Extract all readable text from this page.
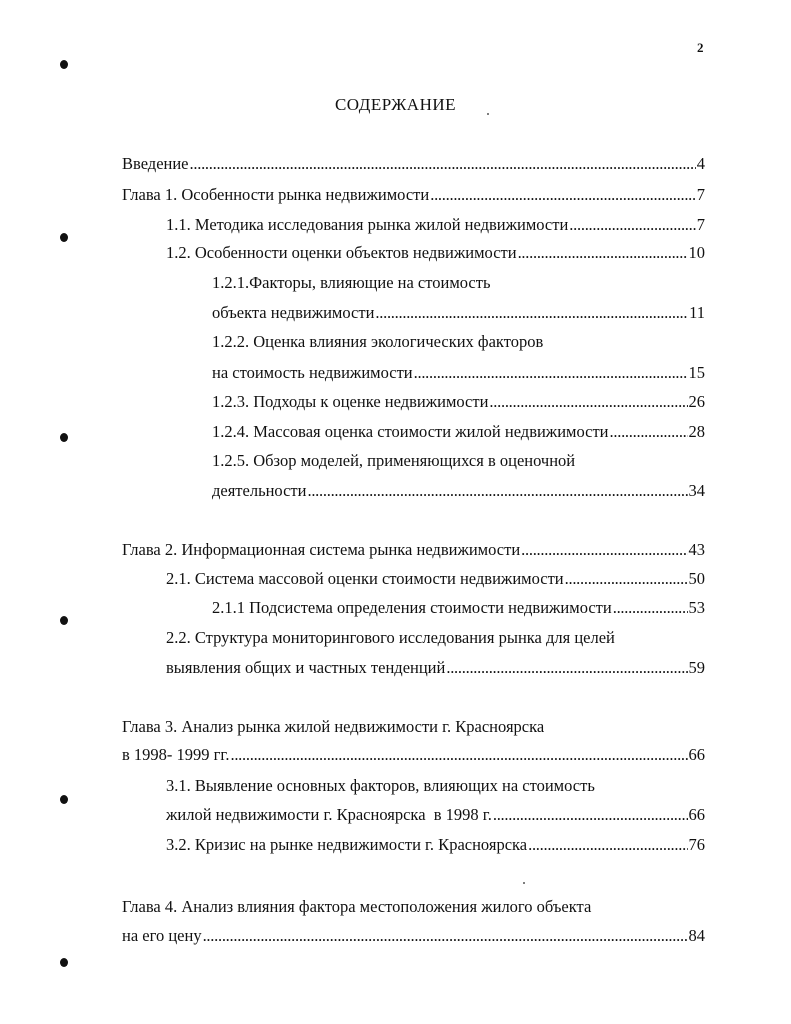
2
СОДЕРЖАНИЕ
Введение . . .	4
Глава 1. Особенности рынка недвижимости . . .	7
1.1. Методика исследования рынка жилой недвижимости . . .	7
1.2. Особенности оценки объектов недвижимости . . .	10
1.2.1.Факторы, влияющие на стоимость
объекта недвижимости . . .	11
1.2.2. Оценка влияния экологических факторов
на стоимость недвижимости . . .	15
1.2.3. Подходы к оценке недвижимости . . .	26
1.2.4. Массовая оценка стоимости жилой недвижимости . . .	28
1.2.5. Обзор моделей, применяющихся в оценочной
деятельности . . .	34
Глава 2. Информационная система рынка недвижимости . . .	43
2.1. Система массовой оценки стоимости недвижимости . . .	50
2.1.1 Подсистема определения стоимости недвижимости . . .	53
2.2. Структура мониторингового исследования рынка для целей
выявления общих и частных тенденций . . .	59
Глава 3. Анализ рынка жилой недвижимости г. Красноярска
в 1998- 1999 гг. . . .	66
3.1. Выявление основных факторов, влияющих на стоимость
жилой недвижимости г. Красноярска  в 1998 г. . . .	66
3.2. Кризис на рынке недвижимости г. Красноярска . . .	76
Глава 4. Анализ влияния фактора местоположения жилого объекта
на его цену . . .	84
